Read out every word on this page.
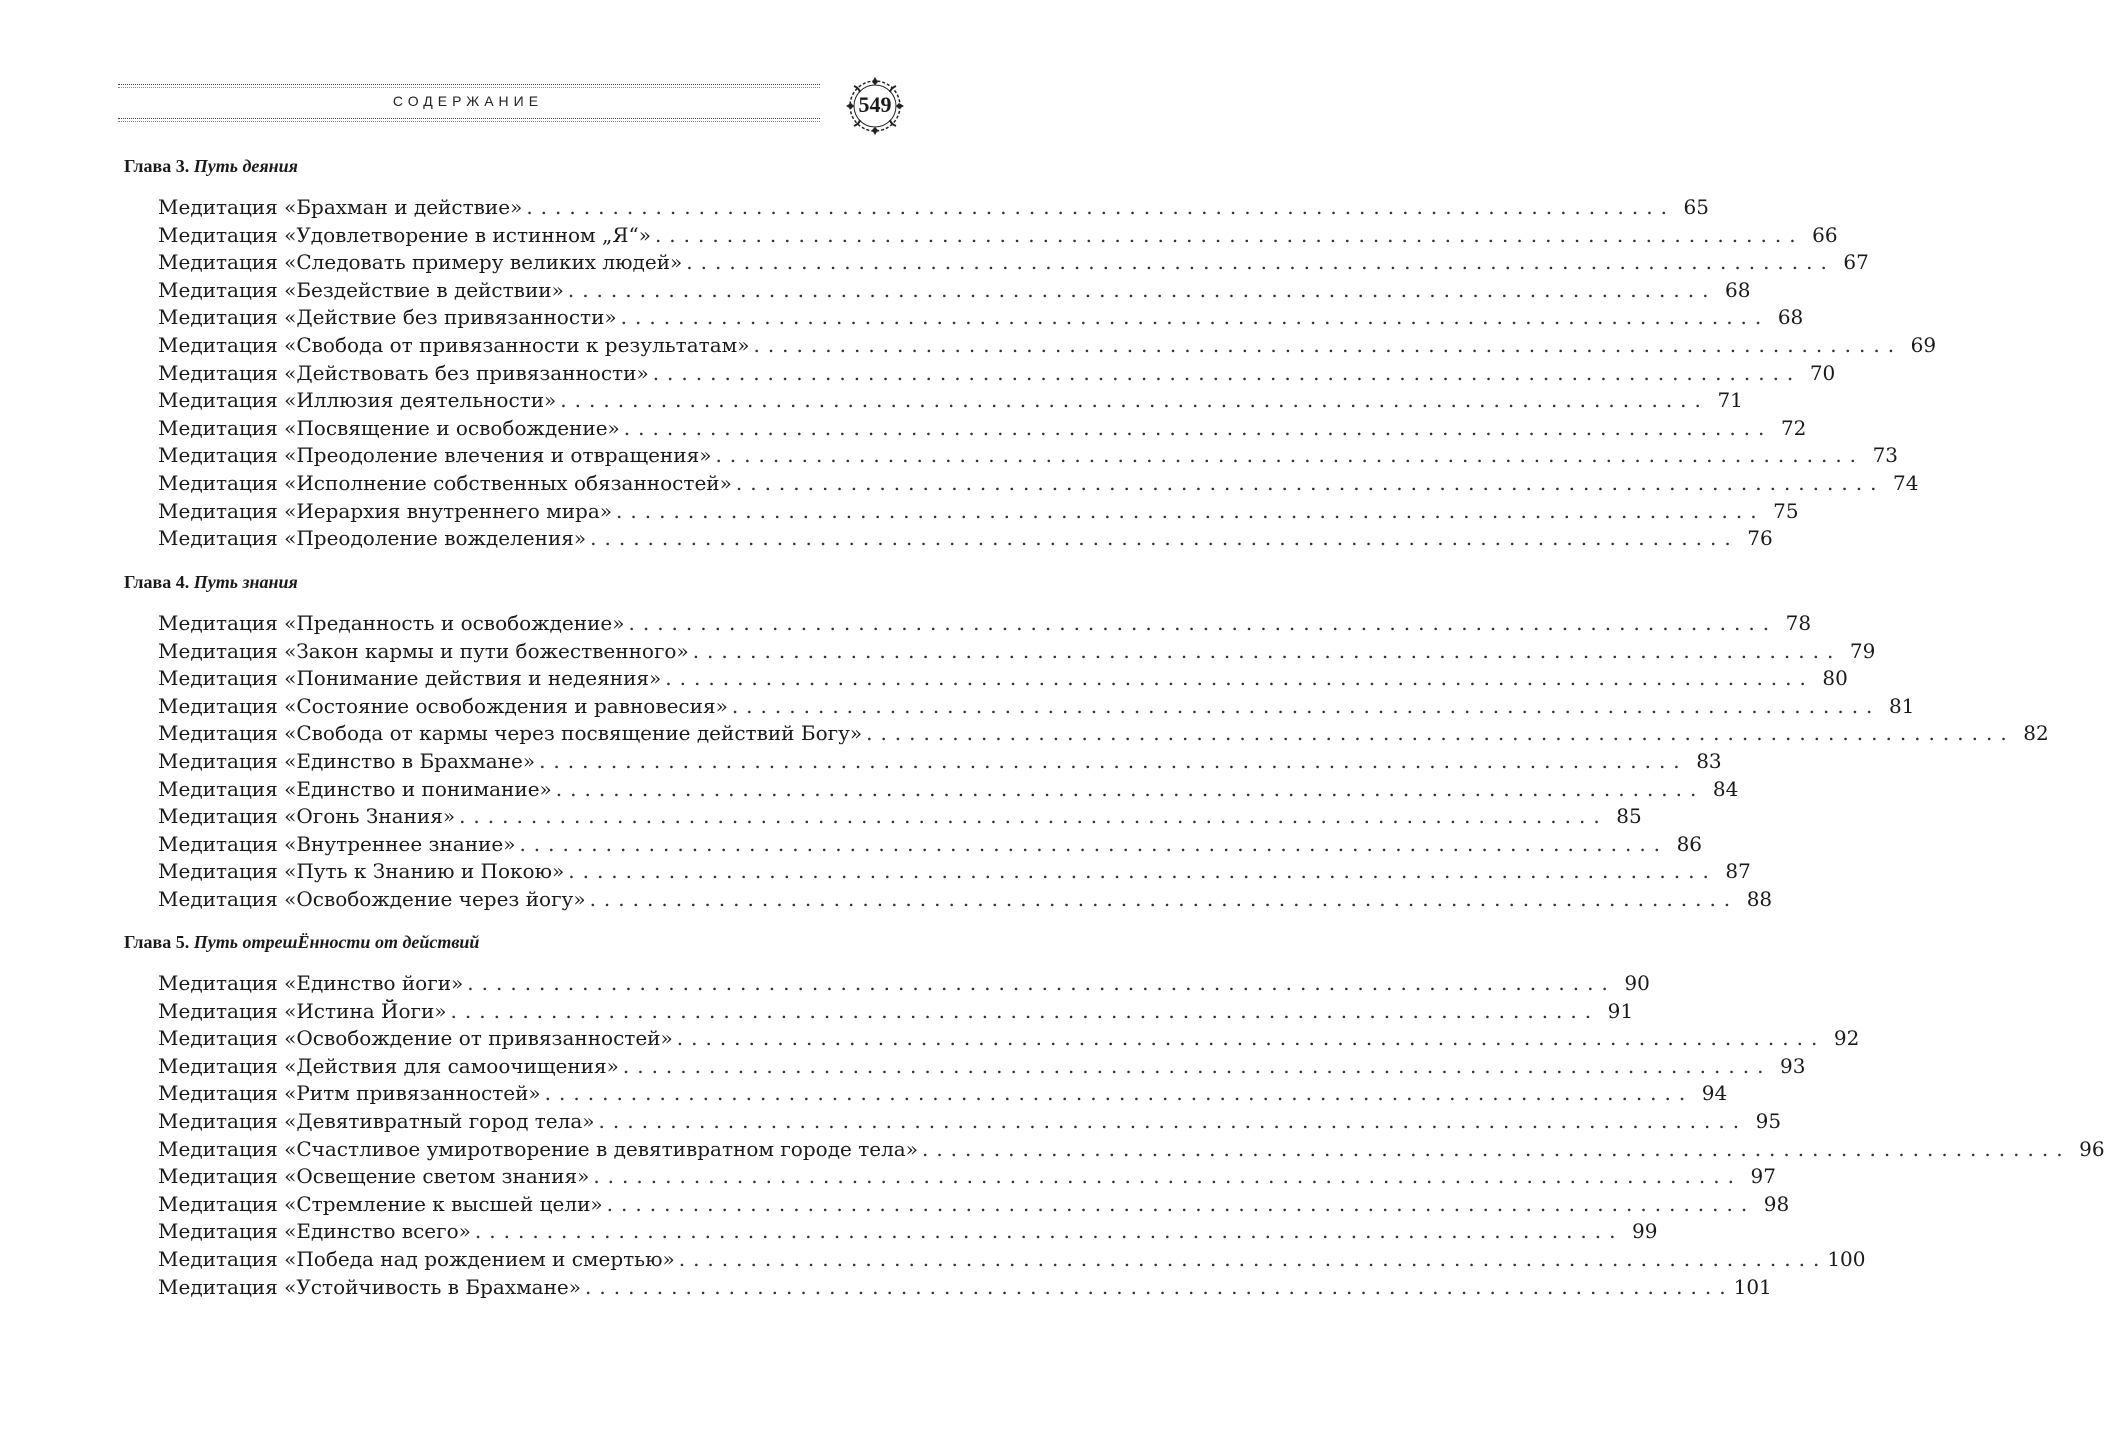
СОДЕРЖАНИЕ	549
Глава 3. Путь деяния
Медитация «Брахман и действие» ................................................................................ 65
Медитация «Удовлетворение в истинном „Я“» ................................................................................ 66
Медитация «Следовать примеру великих людей» ................................................................................ 67
Медитация «Бездействие в действии» ................................................................................ 68
Медитация «Действие без привязанности» ................................................................................ 68
Медитация «Свобода от привязанности к результатам» ................................................................................ 69
Медитация «Действовать без привязанности» ................................................................................ 70
Медитация «Иллюзия деятельности» ................................................................................ 71
Медитация «Посвящение и освобождение» ................................................................................ 72
Медитация «Преодоление влечения и отвращения» ................................................................................ 73
Медитация «Исполнение собственных обязанностей» ................................................................................ 74
Медитация «Иерархия внутреннего мира» ................................................................................ 75
Медитация «Преодоление вожделения» ................................................................................ 76
Глава 4. Путь знания
Медитация «Преданность и освобождение» ................................................................................ 78
Медитация «Закон кармы и пути божественного» ................................................................................ 79
Медитация «Понимание действия и недеяния» ................................................................................ 80
Медитация «Состояние освобождения и равновесия» ................................................................................ 81
Медитация «Свобода от кармы через посвящение действий Богу» ................................................................................ 82
Медитация «Единство в Брахмане» ................................................................................ 83
Медитация «Единство и понимание» ................................................................................ 84
Медитация «Огонь Знания» ................................................................................ 85
Медитация «Внутреннее знание» ................................................................................ 86
Медитация «Путь к Знанию и Покою» ................................................................................ 87
Медитация «Освобождение через йогу» ................................................................................ 88
Глава 5. Путь отрешЁнности от действий
Медитация «Единство йоги» ................................................................................ 90
Медитация «Истина Йоги» ................................................................................ 91
Медитация «Освобождение от привязанностей» ................................................................................ 92
Медитация «Действия для самоочищения» ................................................................................ 93
Медитация «Ритм привязанностей» ................................................................................ 94
Медитация «Девятивратный город тела» ................................................................................ 95
Медитация «Счастливое умиротворение в девятивратном городе тела» ................................................................................ 96
Медитация «Освещение светом знания» ................................................................................ 97
Медитация «Стремление к высшей цели» ................................................................................ 98
Медитация «Единство всего» ................................................................................ 99
Медитация «Победа над рождением и смертью» ................................................................................ 100
Медитация «Устойчивость в Брахмане» ................................................................................ 101
